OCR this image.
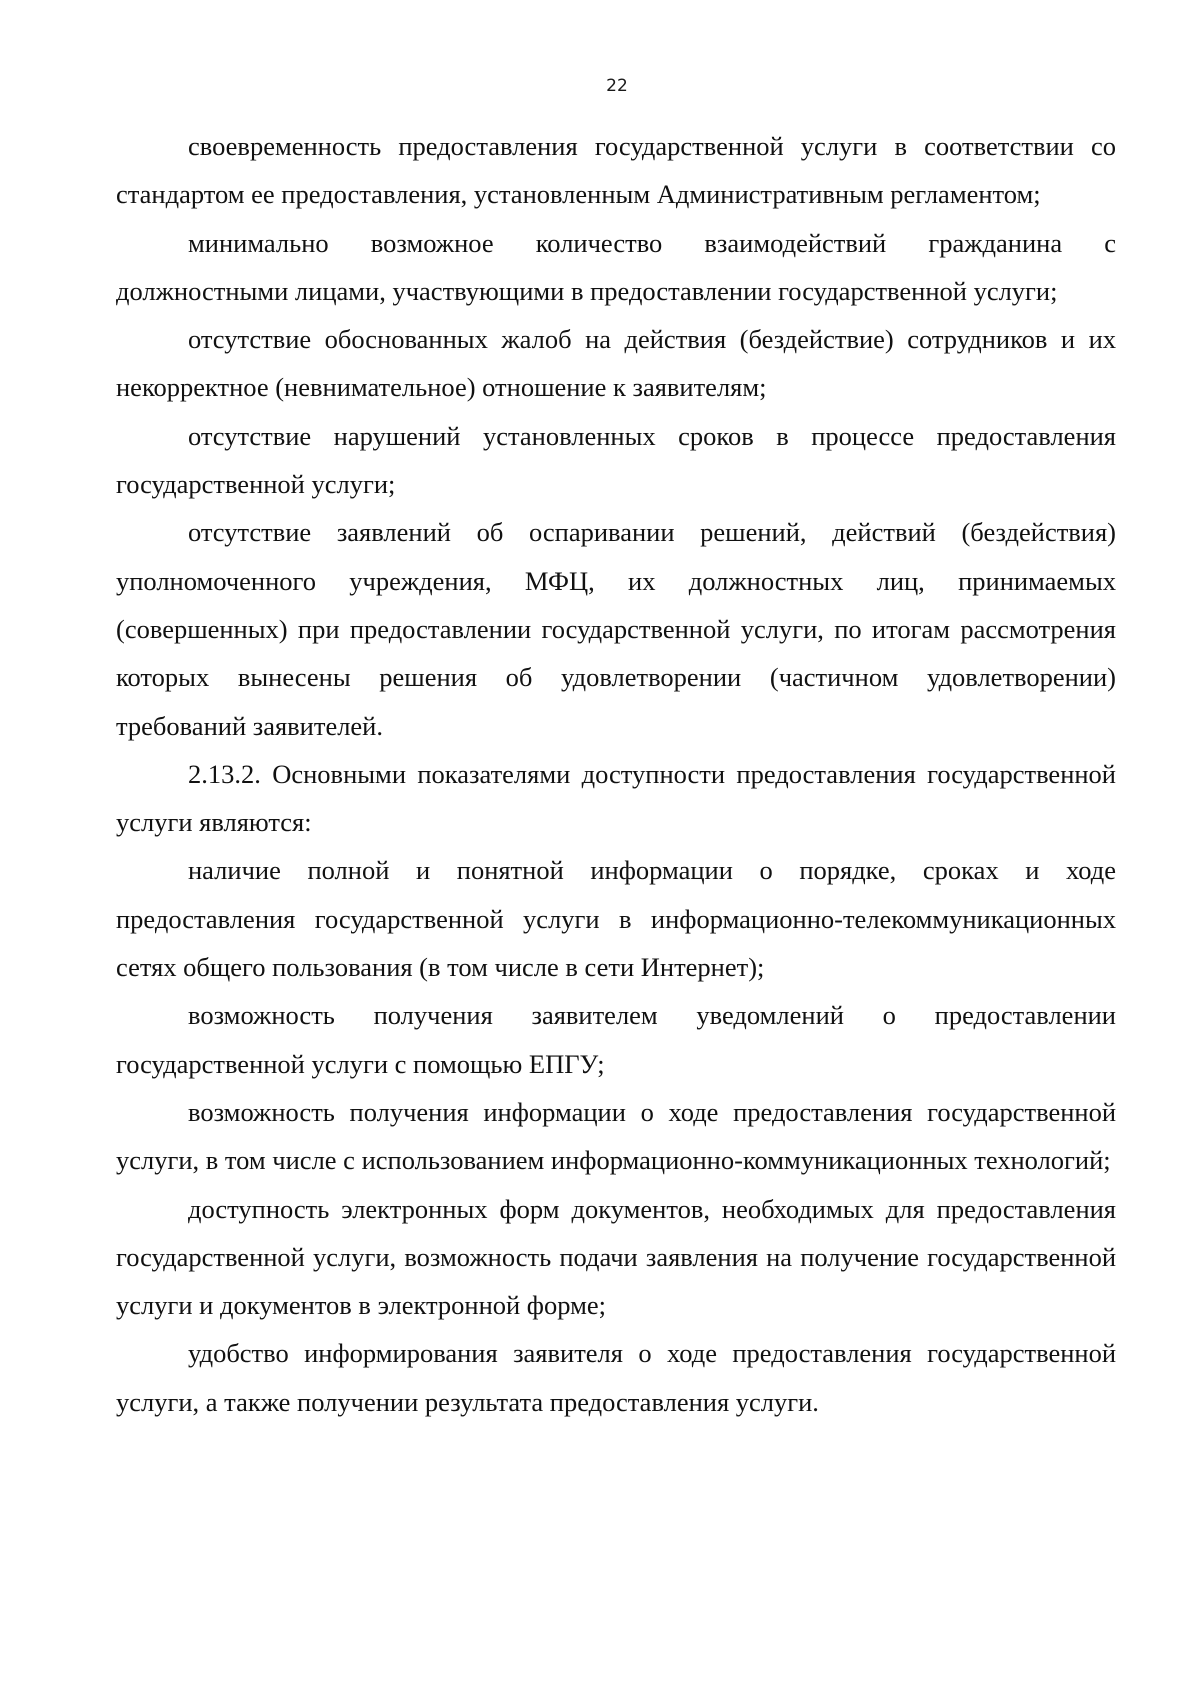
22

своевременность предоставления государственной услуги в соответствии со стандартом ее предоставления, установленным Административным регламентом;

минимально возможное количество взаимодействий гражданина с должностными лицами, участвующими в предоставлении государственной услуги;

отсутствие обоснованных жалоб на действия (бездействие) сотрудников и их некорректное (невнимательное) отношение к заявителям;

отсутствие нарушений установленных сроков в процессе предоставления государственной услуги;

отсутствие заявлений об оспаривании решений, действий (бездействия) уполномоченного учреждения, МФЦ, их должностных лиц, принимаемых (совершенных) при предоставлении государственной услуги, по итогам рассмотрения которых вынесены решения об удовлетворении (частичном удовлетворении) требований заявителей.

2.13.2. Основными показателями доступности предоставления государственной услуги являются:

наличие полной и понятной информации о порядке, сроках и ходе предоставления государственной услуги в информационно-телекоммуникационных сетях общего пользования (в том числе в сети Интернет);

возможность получения заявителем уведомлений о предоставлении государственной услуги с помощью ЕПГУ;

возможность получения информации о ходе предоставления государственной услуги, в том числе с использованием информационно-коммуникационных технологий;

доступность электронных форм документов, необходимых для предоставления государственной услуги, возможность подачи заявления на получение государственной услуги и документов в электронной форме;

удобство информирования заявителя о ходе предоставления государственной услуги, а также получении результата предоставления услуги.
